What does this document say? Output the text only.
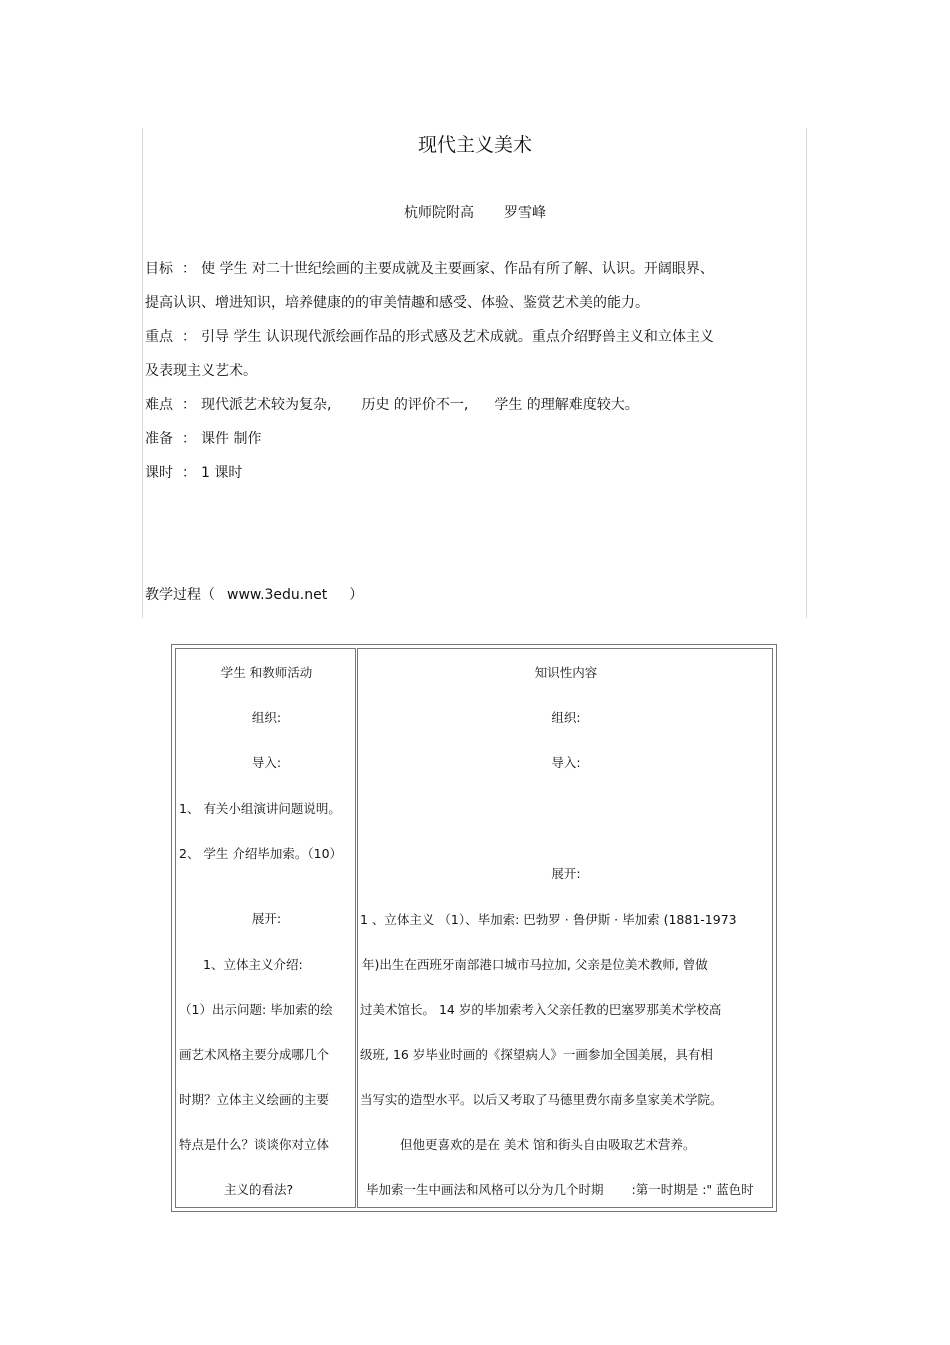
现代主义美术
杭师院附高 罗雪峰
目标 ： 使 学生 对二十世纪绘画的主要成就及主要画家、作品有所了解、认识。开阔眼界、
提高认识、增进知识，培养健康的的审美情趣和感受、体验、鉴赏艺术美的能力。
重点 ： 引导 学生 认识现代派绘画作品的形式感及艺术成就。重点介绍野兽主义和立体主义
及表现主义艺术。
难点 ： 现代派艺术较为复杂, 历史 的评价不一, 学生 的理解难度较大。
准备 ： 课件 制作
课时 ： 1 课时
教学过程（ www.3edu.net ）
学生 和教师活动
组织:
导入:
1、 有关小组演讲问题说明。
2、 学生 介绍毕加索。（10）
展开:
1、立体主义介绍:
（1）出示问题: 毕加索的绘
画艺术风格主要分成哪几个
时期？立体主义绘画的主要
特点是什么？谈谈你对立体
主义的看法?
知识性内容
组织:
导入:
展开:
1 、立体主义 （1）、毕加索: 巴勃罗 · 鲁伊斯 · 毕加索 (1881-1973
年)出生在西班牙南部港口城市马拉加, 父亲是位美术教师, 曾做
过美术馆长。 14 岁的毕加索考入父亲任教的巴塞罗那美术学校高
级班, 16 岁毕业时画的《探望病人》一画参加全国美展，具有相
当写实的造型水平。以后又考取了马德里费尔南多皇家美术学院。
但他更喜欢的是在 美术 馆和街头自由吸取艺术营养。
毕加索一生中画法和风格可以分为几个时期 :第一时期是 :" 蓝色时
